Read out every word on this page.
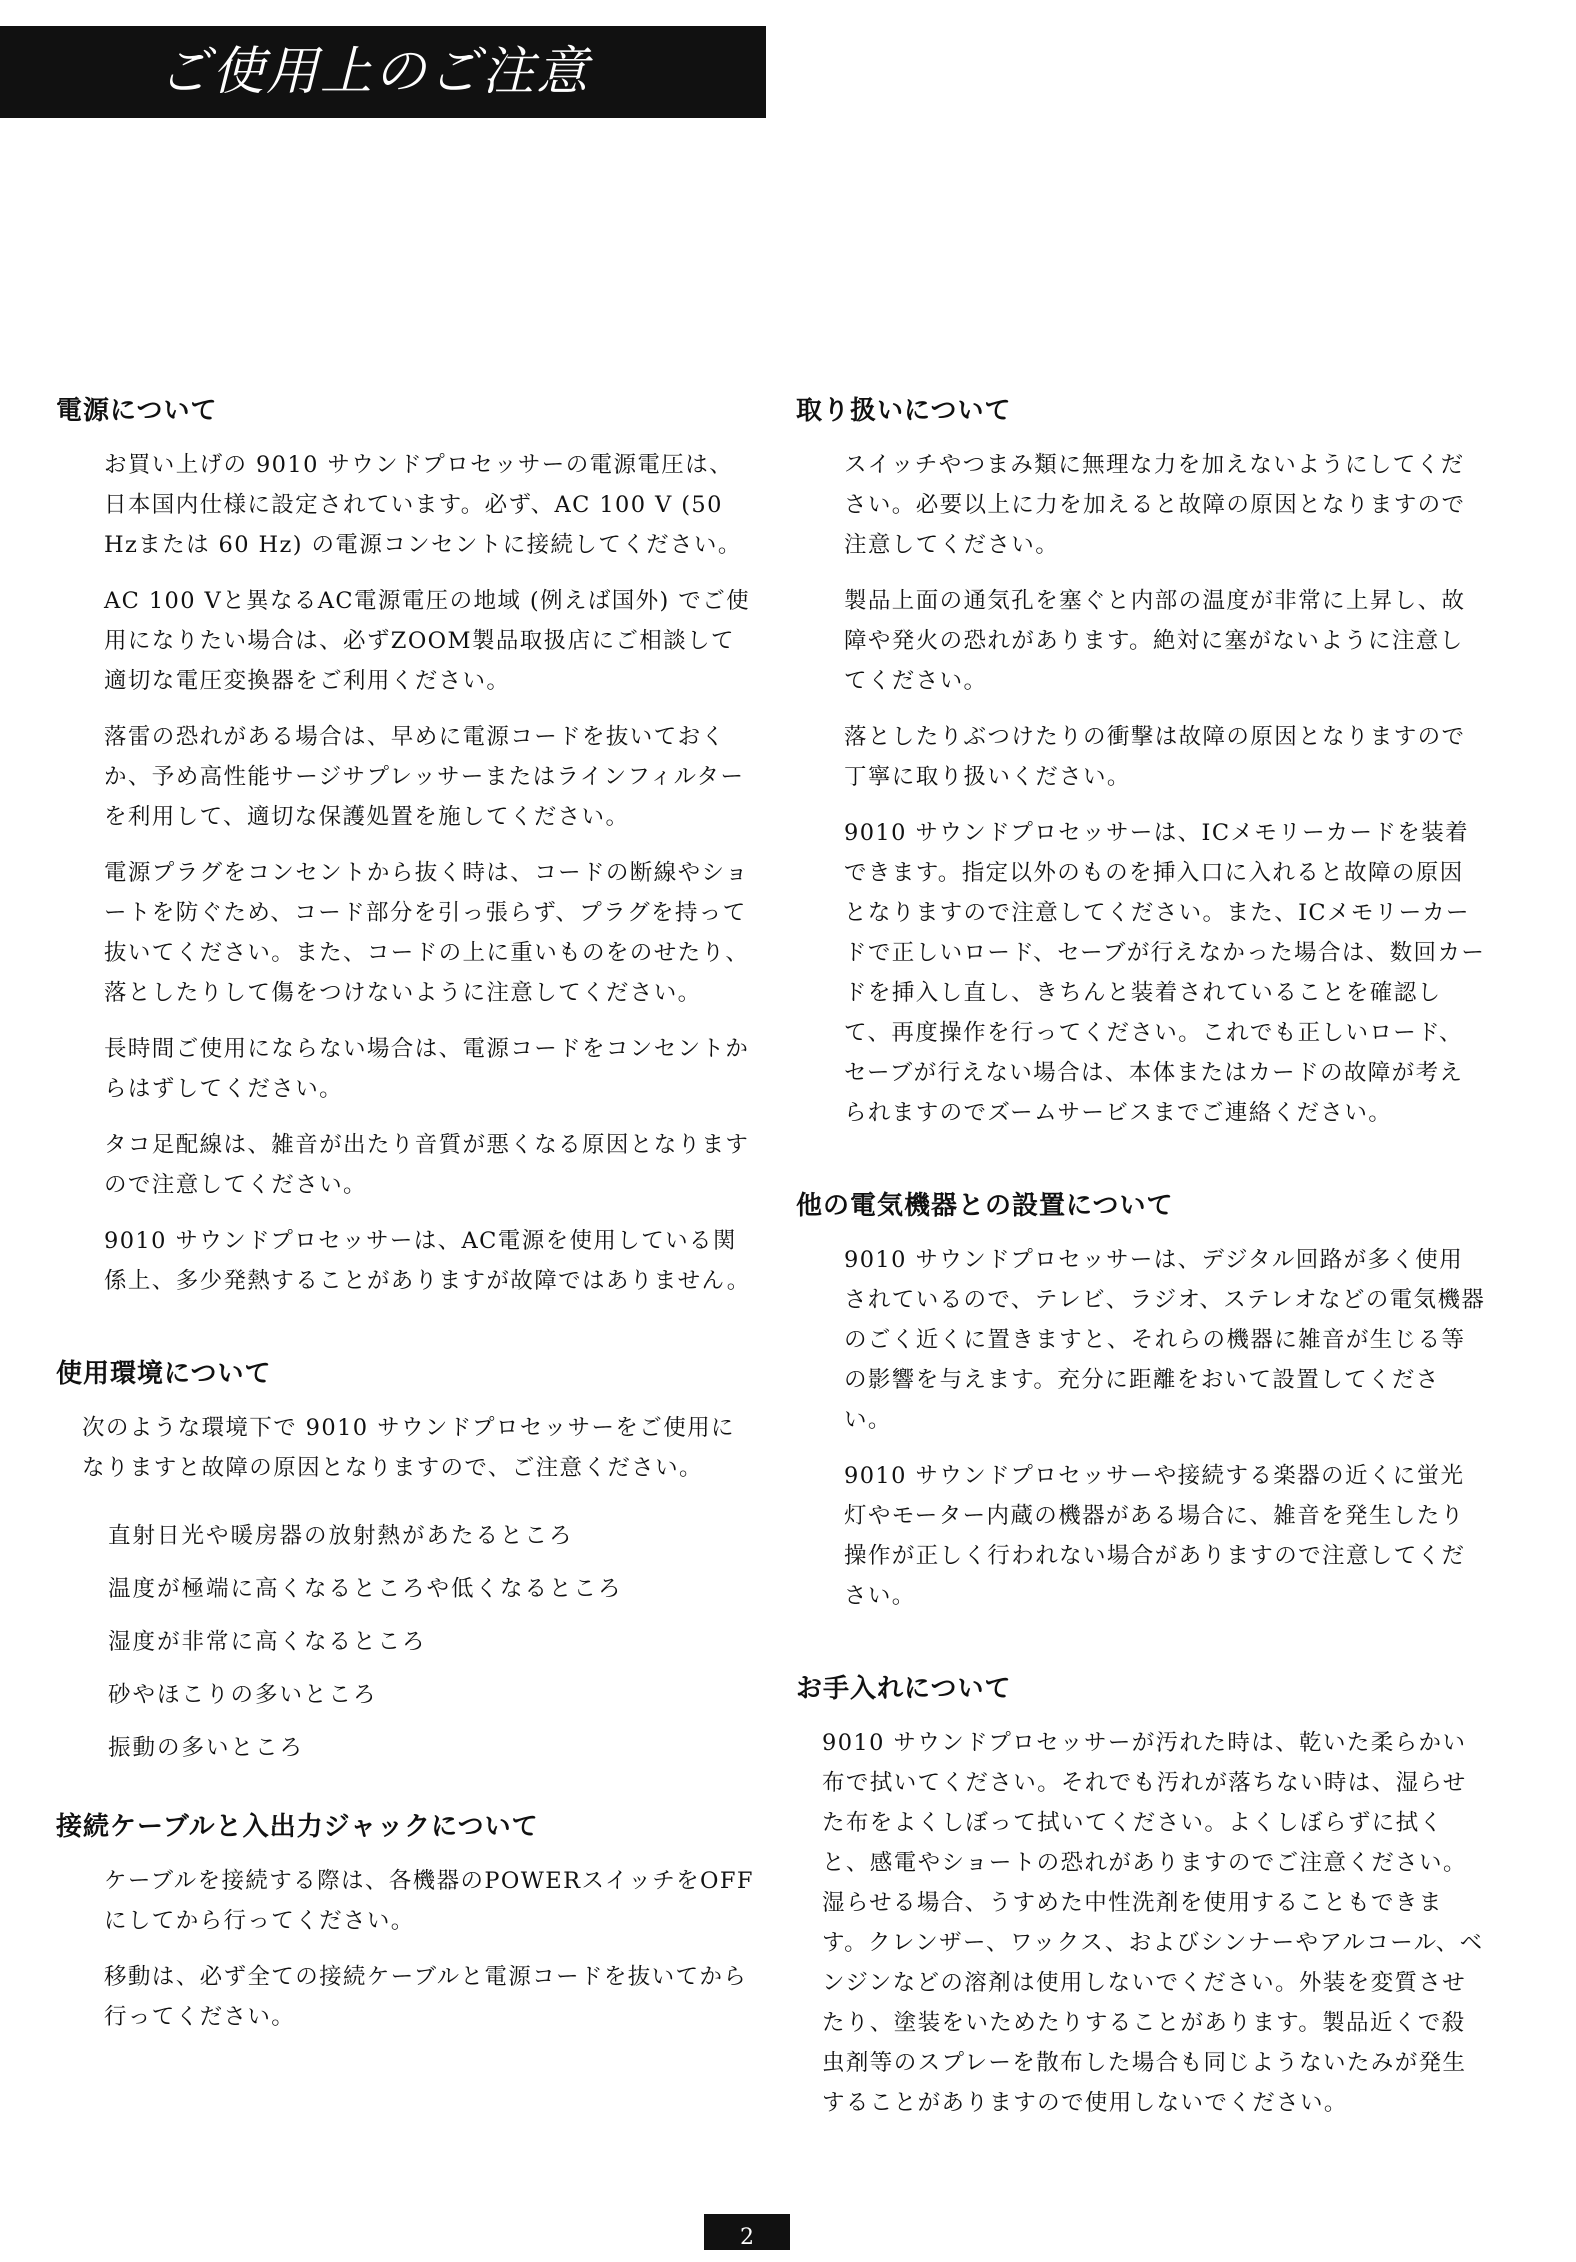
ご使用上のご注意
電源について

お買い上げの 9010 サウンドプロセッサーの電源電圧は、日本国内仕様に設定されています。必ず、AC 100 V (50 Hzまたは 60 Hz) の電源コンセントに接続してください。

AC 100 Vと異なるAC電源電圧の地域 (例えば国外) でご使用になりたい場合は、必ずZOOM製品取扱店にご相談して適切な電圧変換器をご利用ください。

落雷の恐れがある場合は、早めに電源コードを抜いておくか、予め高性能サージサプレッサーまたはラインフィルターを利用して、適切な保護処置を施してください。

電源プラグをコンセントから抜く時は、コードの断線やショートを防ぐため、コード部分を引っ張らず、プラグを持って抜いてください。また、コードの上に重いものをのせたり、落としたりして傷をつけないように注意してください。

長時間ご使用にならない場合は、電源コードをコンセントからはずしてください。

タコ足配線は、雑音が出たり音質が悪くなる原因となりますので注意してください。

9010 サウンドプロセッサーは、AC電源を使用している関係上、多少発熱することがありますが故障ではありません。

使用環境について

次のような環境下で 9010 サウンドプロセッサーをご使用になりますと故障の原因となりますので、ご注意ください。

直射日光や暖房器の放射熱があたるところ
温度が極端に高くなるところや低くなるところ
湿度が非常に高くなるところ
砂やほこりの多いところ
振動の多いところ
接続ケーブルと入出力ジャックについて

ケーブルを接続する際は、各機器のPOWERスイッチをOFFにしてから行ってください。

移動は、必ず全ての接続ケーブルと電源コードを抜いてから行ってください。

取り扱いについて

スイッチやつまみ類に無理な力を加えないようにしてください。必要以上に力を加えると故障の原因となりますので注意してください。

製品上面の通気孔を塞ぐと内部の温度が非常に上昇し、故障や発火の恐れがあります。絶対に塞がないように注意してください。

落としたりぶつけたりの衝撃は故障の原因となりますので丁寧に取り扱いください。

9010 サウンドプロセッサーは、ICメモリーカードを装着できます。指定以外のものを挿入口に入れると故障の原因となりますので注意してください。また、ICメモリーカードで正しいロード、セーブが行えなかった場合は、数回カードを挿入し直し、きちんと装着されていることを確認して、再度操作を行ってください。これでも正しいロード、セーブが行えない場合は、本体またはカードの故障が考えられますのでズームサービスまでご連絡ください。

他の電気機器との設置について

9010 サウンドプロセッサーは、デジタル回路が多く使用されているので、テレビ、ラジオ、ステレオなどの電気機器のごく近くに置きますと、それらの機器に雑音が生じる等の影響を与えます。充分に距離をおいて設置してください。

9010 サウンドプロセッサーや接続する楽器の近くに蛍光灯やモーター内蔵の機器がある場合に、雑音を発生したり操作が正しく行われない場合がありますので注意してください。

お手入れについて

9010 サウンドプロセッサーが汚れた時は、乾いた柔らかい布で拭いてください。それでも汚れが落ちない時は、湿らせた布をよくしぼって拭いてください。よくしぼらずに拭くと、感電やショートの恐れがありますのでご注意ください。湿らせる場合、うすめた中性洗剤を使用することもできます。クレンザー、ワックス、およびシンナーやアルコール、ベンジンなどの溶剤は使用しないでください。外装を変質させたり、塗装をいためたりすることがあります。製品近くで殺虫剤等のスプレーを散布した場合も同じようないたみが発生することがありますので使用しないでください。

2
